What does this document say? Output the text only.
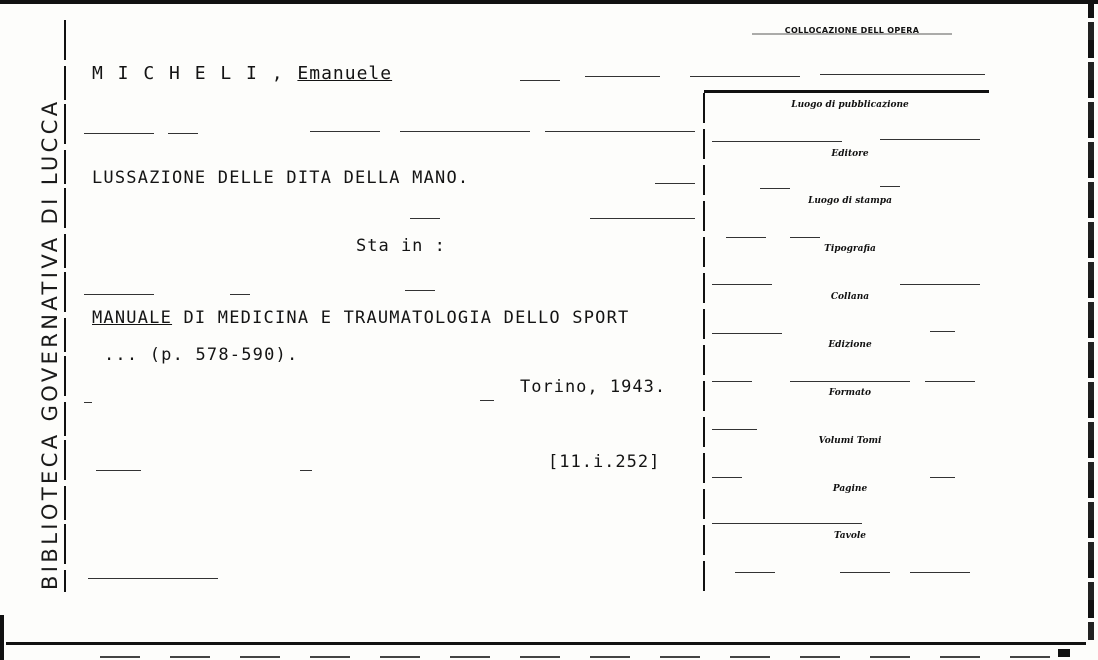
BIBLIOTECA GOVERNATIVA DI LUCCA
M I C H E L I , Emanuele
LUSSAZIONE DELLE DITA DELLA MANO.
Sta in :
MANUALE DI MEDICINA E TRAUMATOLOGIA DELLO SPORT
... (p. 578-590).
Torino, 1943.
[11.i.252]
COLLOCAZIONE DELL OPERA
Luogo di pubblicazione
Editore
Luogo di stampa
Tipografia
Collana
Edizione
Formato
Volumi Tomi
Pagine
Tavole
